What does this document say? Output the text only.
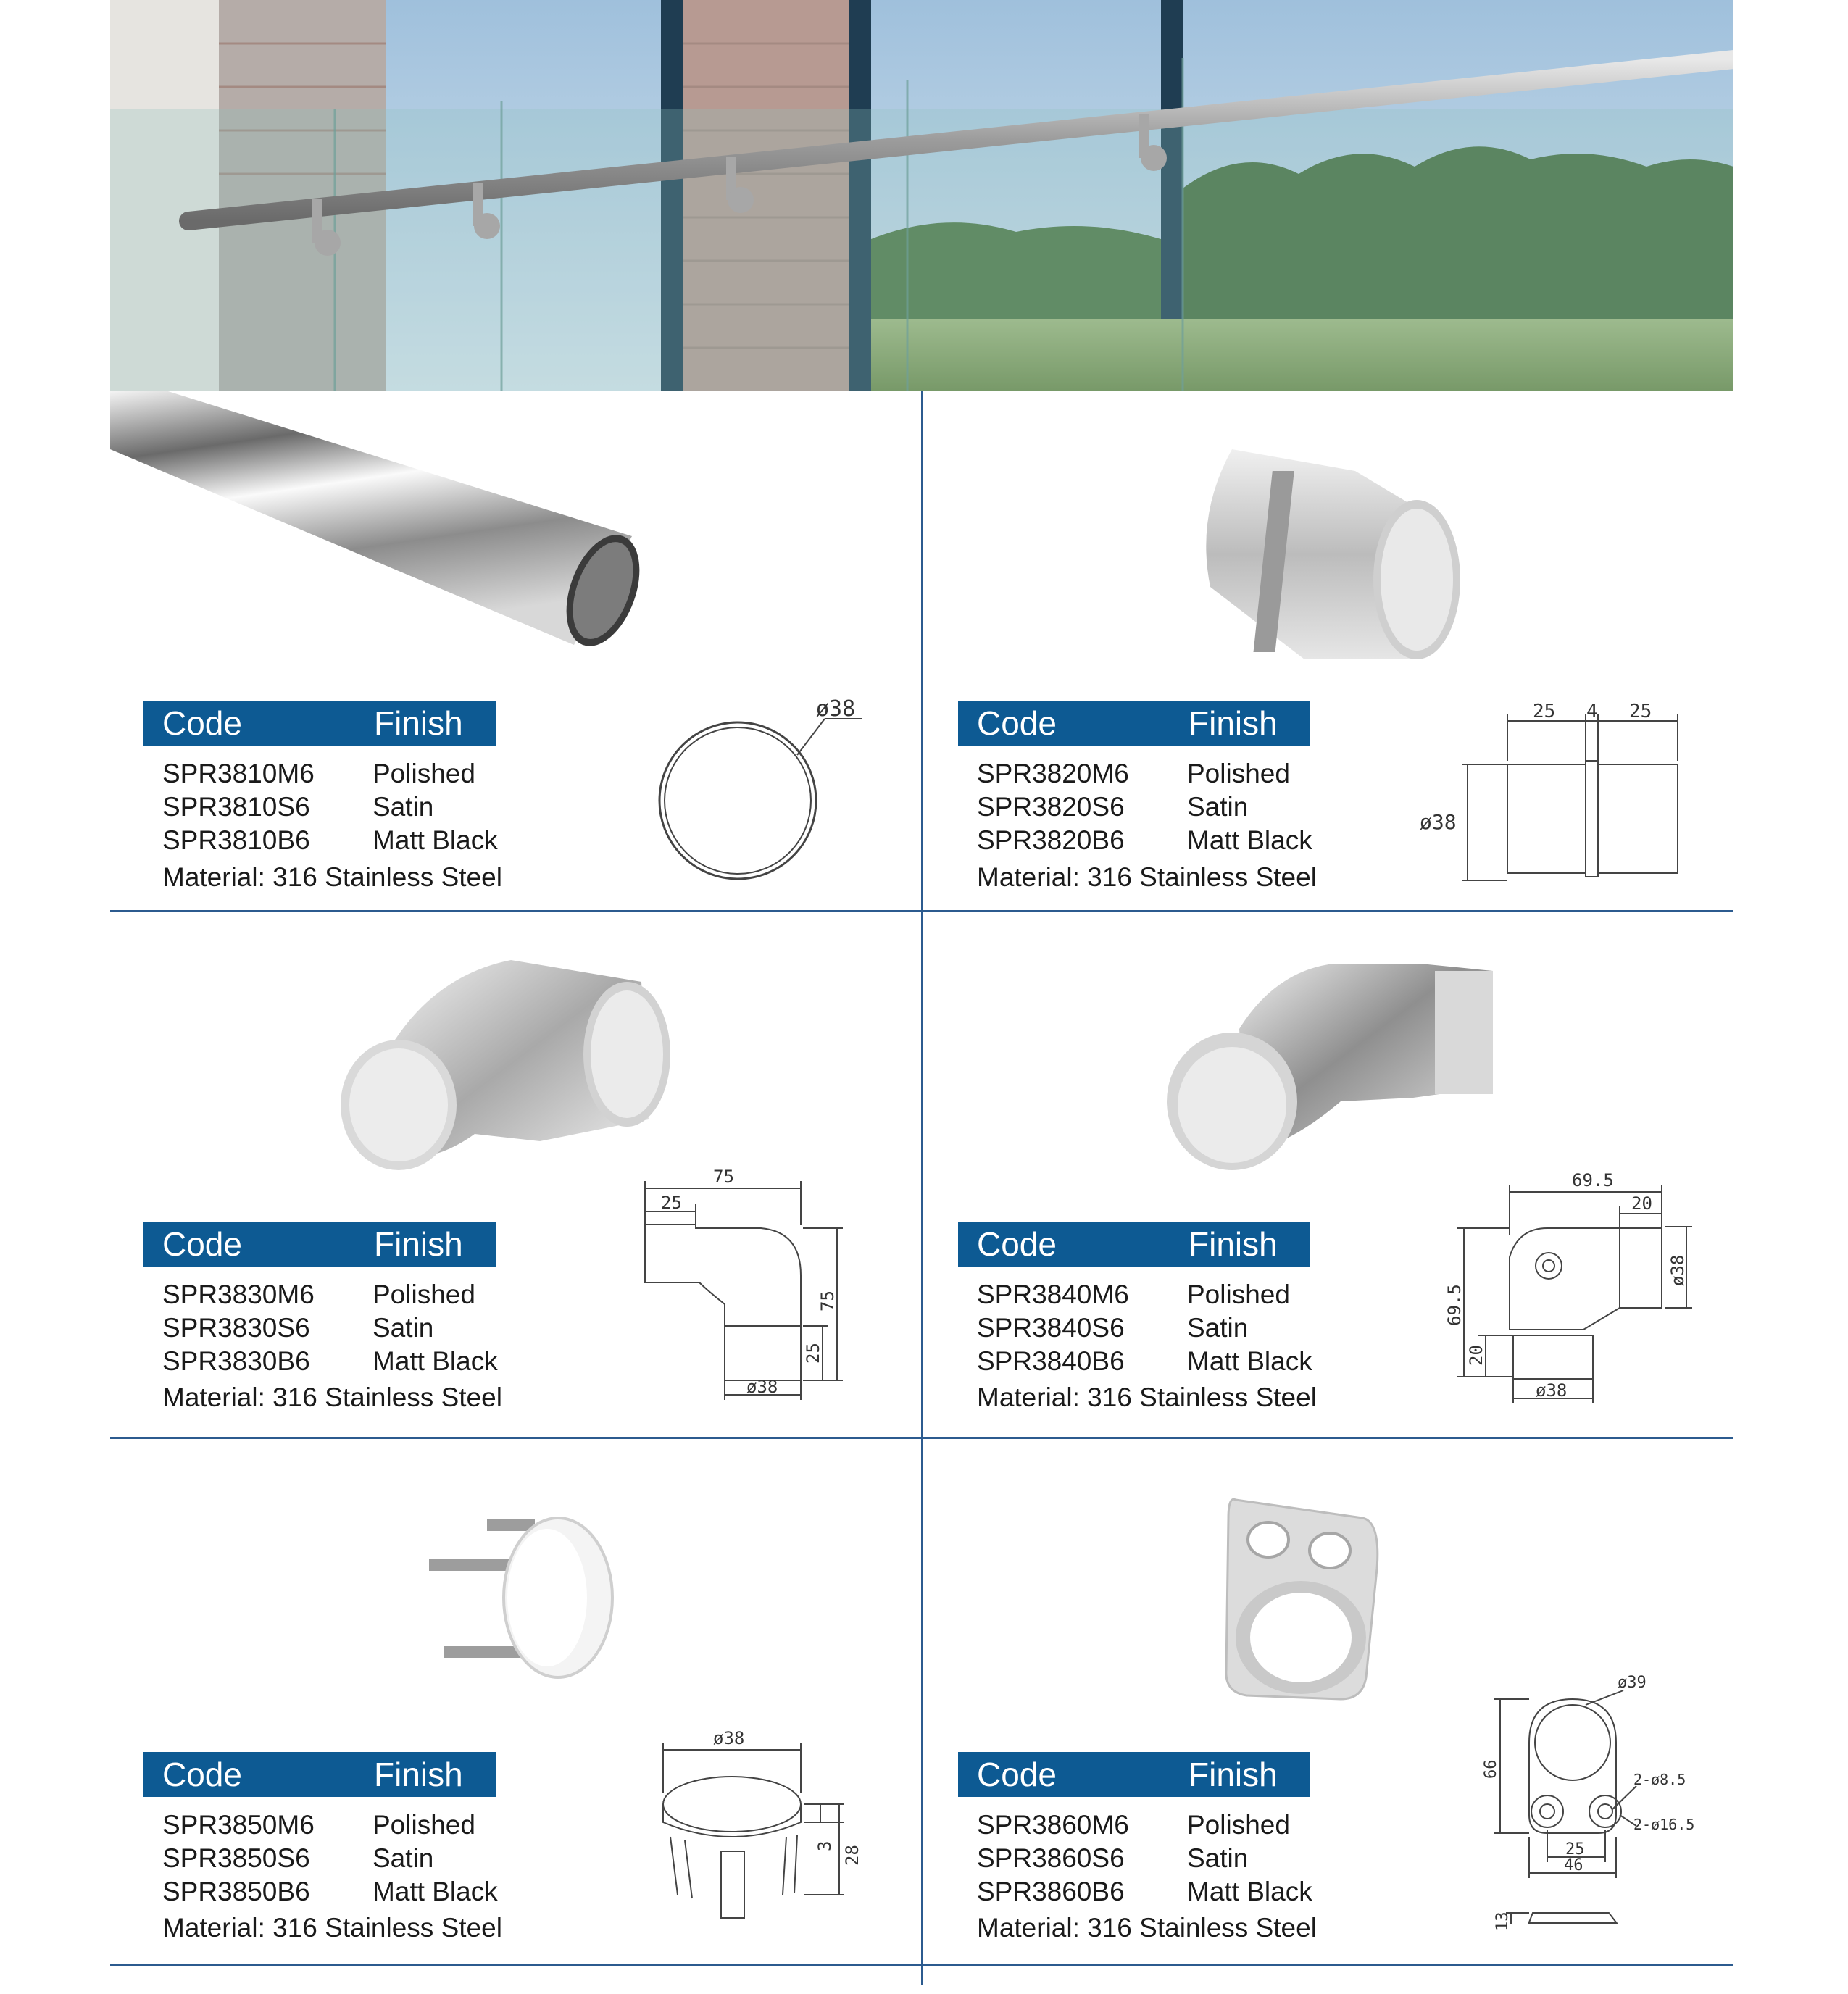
Code	Finish
SPR3810M6 Polished
SPR3810S6 Satin
SPR3810B6 Matt Black
Material: 316 Stainless Steel
ø38	Code	Finish
SPR3820M6 Polished
SPR3820S6 Satin
SPR3820B6 Matt Black
Material: 316 Stainless Steel
25 4 25
ø38
Code	Finish
SPR3830M6 Polished
SPR3830S6 Satin
SPR3830B6 Matt Black
Material: 316 Stainless Steel
75
25
75
25
ø38
Code	Finish
SPR3840M6 Polished
SPR3840S6 Satin
SPR3840B6 Matt Black
Material: 316 Stainless Steel
69.5
20
ø38
69.5
20
ø38
Code	Finish
SPR3850M6 Polished
SPR3850S6 Satin
SPR3850B6 Matt Black
Material: 316 Stainless Steel
ø38
3 28
Code	Finish
SPR3860M6 Polished
SPR3860S6 Satin
SPR3860B6 Matt Black
Material: 316 Stainless Steel
ø39
66
2-ø8.5
2-ø16.5
25
46
13
